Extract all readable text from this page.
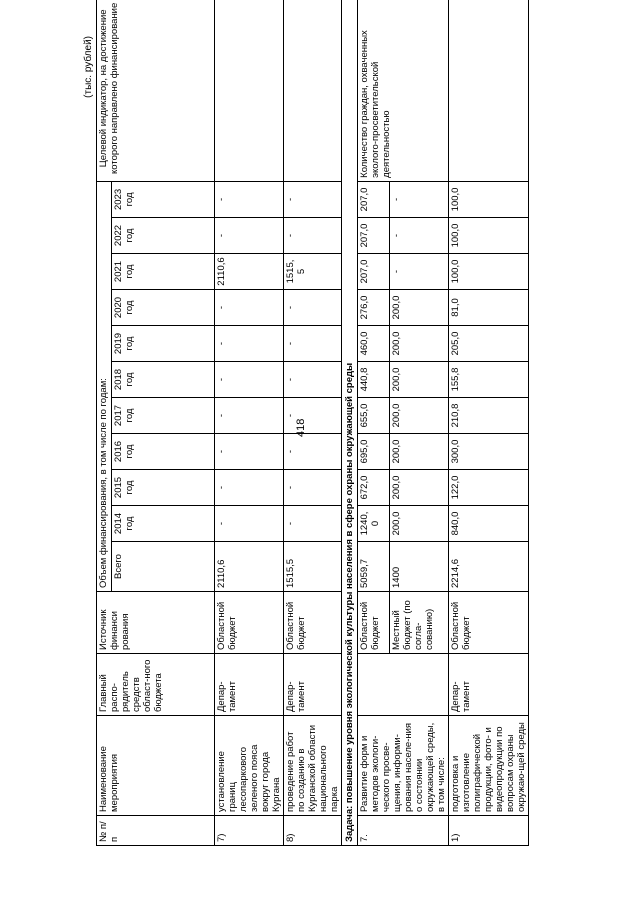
418
(тыс. рублей)
№ п/п	Наименование мероприятия	Главный распо-рядитель средств област-ного бюджета	Источник финанси рования	Объем финансирования, в том числе по годам:											Целевой индикатор, на достижение которого направлено финансирование
				Всего	2014 год	2015 год	2016 год	2017 год	2018 год	2019 год	2020 год	2021 год	2022 год	2023 год	
7)	установление границ лесопаркового зеленого пояса вокруг города Кургана	Депар-тамент	Областной бюджет	2110,6	-	-	-	-	-	-	-	2110,6	-	-	
8)	проведение работ по созданию в Курганской области национального парка	Депар-тамент	Областной бюджет	1515,5	-	-	-	-	-	-	-	1515,5	-	-	
Задача: повышение уровня экологической культуры населения в сфере охраны окружающей среды															
7.	Развитие форм и методов экологи-ческого просве-щения, информи-рования населе-ния о состоянии окружающей среды, в том числе:		Областной бюджет	5059,7	1240,0	672,0	695,0	655,0	440,8	460,0	276,0	207,0	207,0	207,0	Количество граждан, охваченных эколого-просветительской деятельностью
			Местный бюджет (по согла-сованию)	1400	200,0	200,0	200,0	200,0	200,0	200,0	200,0	-	-	-	
1)	подготовка и изготовление полиграфической продукции, фото- и видеопродукции по вопросам охраны окружаю-щей среды	Депар-тамент	Областной бюджет	2214,6	840,0	122,0	300,0	210,8	155,8	205,0	81,0	100,0	100,0	100,0	
